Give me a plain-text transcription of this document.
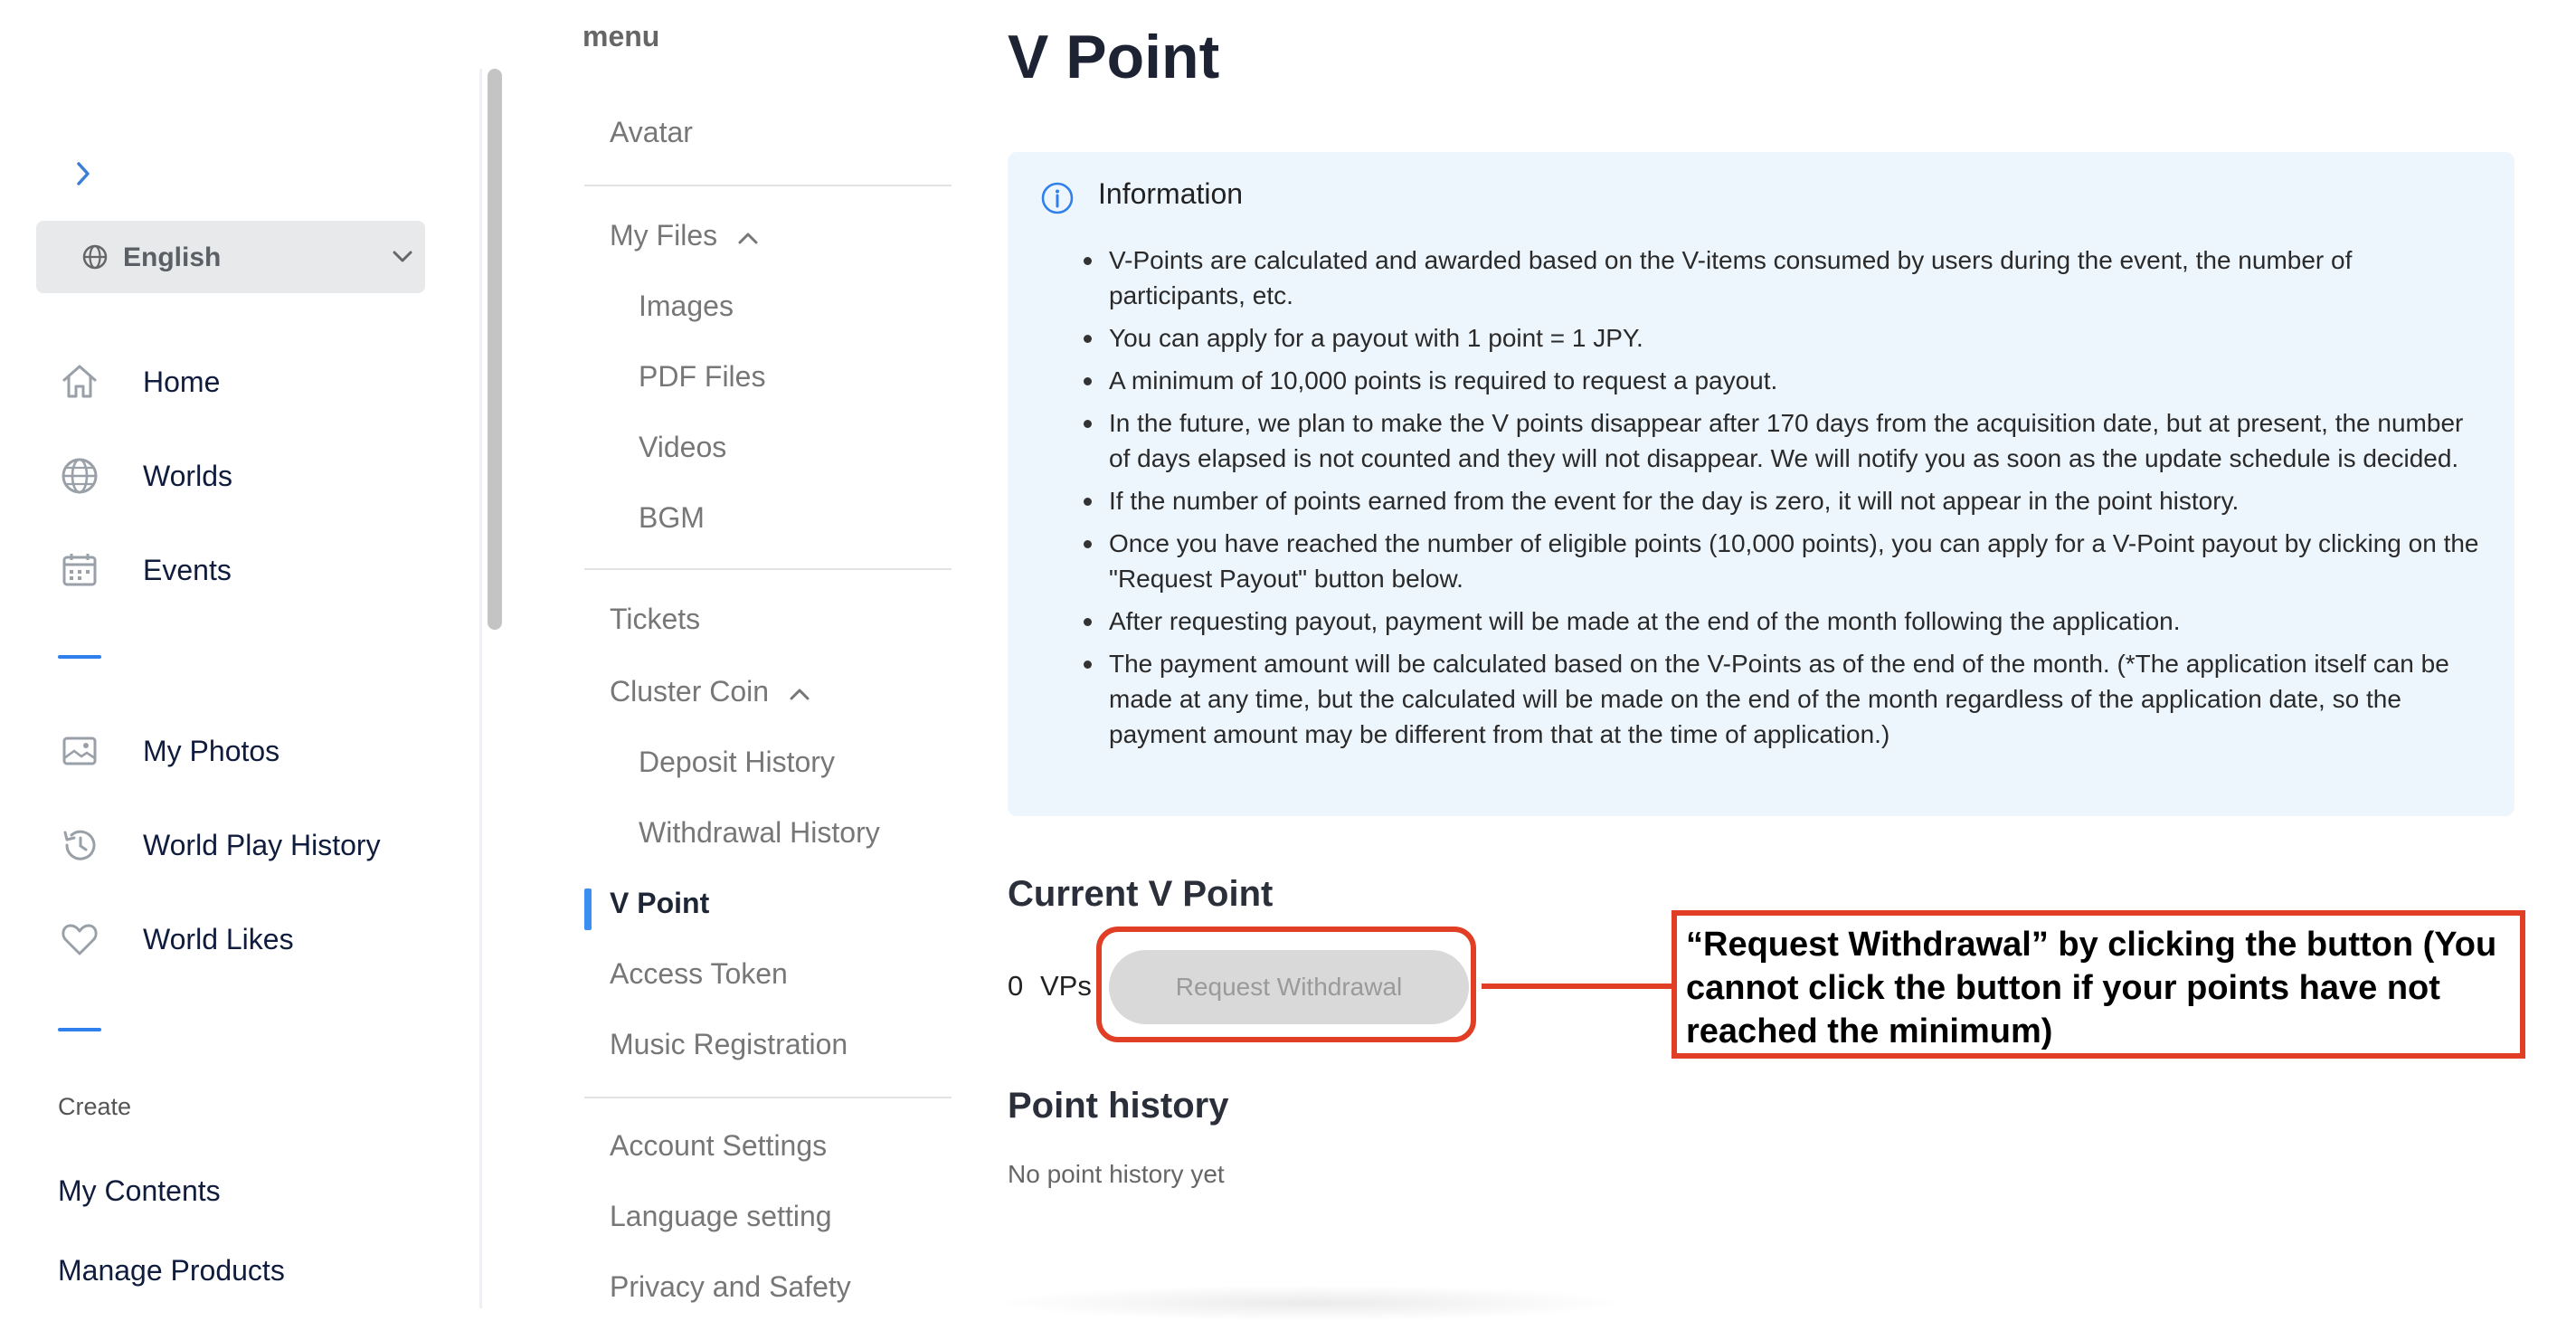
English
Home
Worlds
Events
My Photos
World Play History
World Likes
Create
My Contents
Manage Products
menu
Avatar
My Files
Images
PDF Files
Videos
BGM
Tickets
Cluster Coin
Deposit History
Withdrawal History
V Point
Access Token
Music Registration
Account Settings
Language setting
Privacy and Safety
V Point
Information
V-Points are calculated and awarded based on the V-items consumed by users during the event, the number of participants, etc.
You can apply for a payout with 1 point = 1 JPY.
A minimum of 10,000 points is required to request a payout.
In the future, we plan to make the V points disappear after 170 days from the acquisition date, but at present, the number of days elapsed is not counted and they will not disappear. We will notify you as soon as the update schedule is decided.
If the number of points earned from the event for the day is zero, it will not appear in the point history.
Once you have reached the number of eligible points (10,000 points), you can apply for a V-Point payout by clicking on the "Request Payout" button below.
After requesting payout, payment will be made at the end of the month following the application.
The payment amount will be calculated based on the V-Points as of the end of the month. (*The application itself can be made at any time, but the calculated will be made on the end of the month regardless of the application date, so the payment amount may be different from that at the time of application.)
Current V Point
0 VPs	Request Withdrawal
“Request Withdrawal” by clicking the button (You cannot click the button if your points have not reached the minimum)
Point history
No point history yet
